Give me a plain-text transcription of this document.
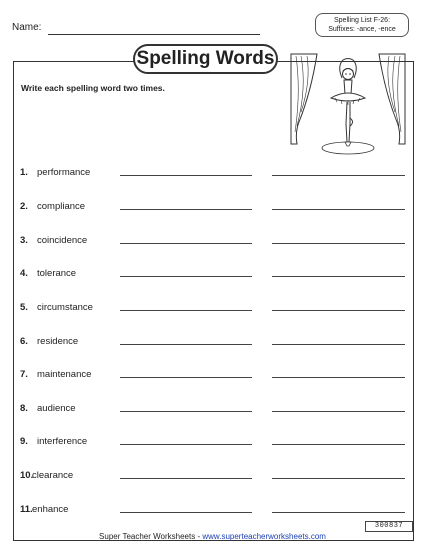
Name:
Spelling List F-26:
Suffixes: -ance, -ence
Spelling Words
Write each spelling word two times.
1. performance
2. compliance
3. coincidence
4. tolerance
5. circumstance
6. residence
7. maintenance
8. audience
9. interference
10.
clearance
11. enhance
Super Teacher Worksheets - www.superteacherworksheets.com
300837
